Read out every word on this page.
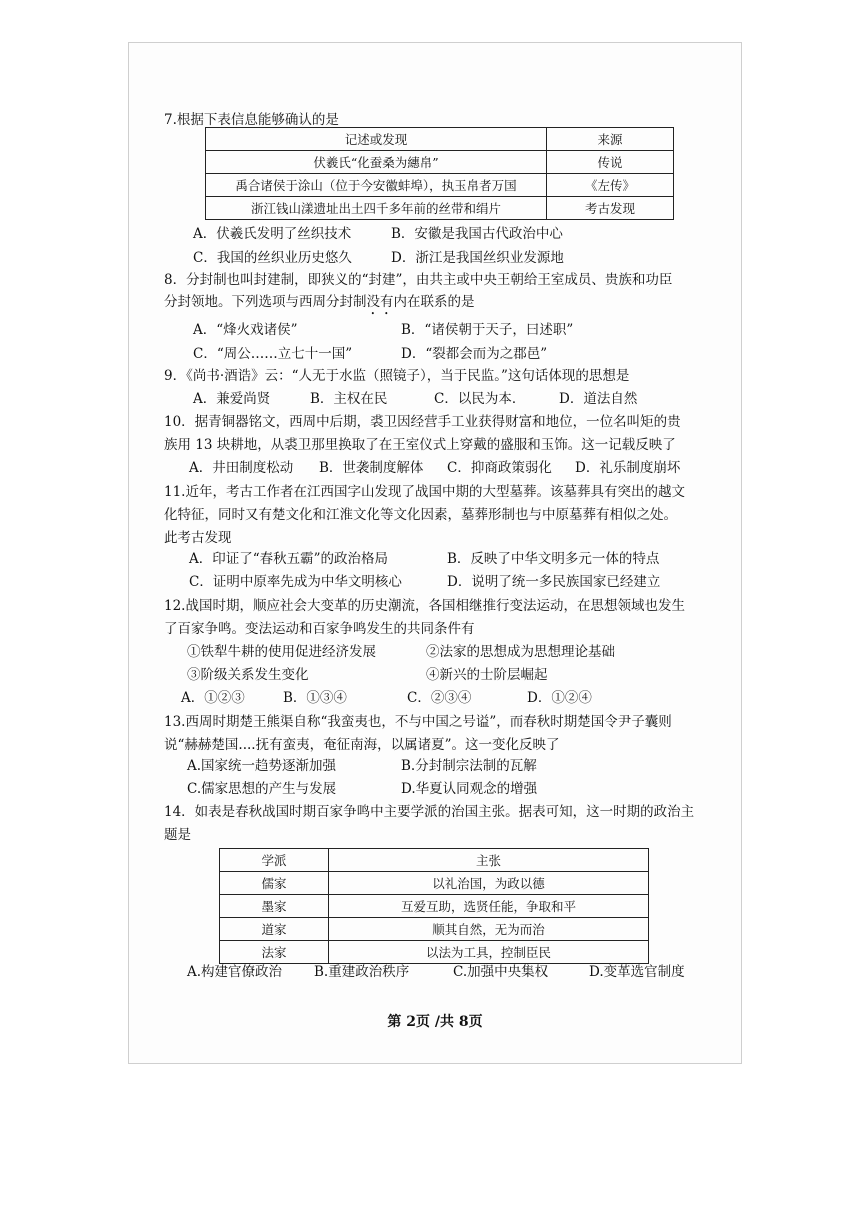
7.根据下表信息能够确认的是
记述或发现	来源
伏羲氏“化蚕桑为繐帛”	传说
禹合诸侯于涂山（位于今安徽蚌埠），执玉帛者万国	《左传》
浙江钱山漾遗址出土四千多年前的丝带和绢片	考古发现
A．伏羲氏发明了丝织技术	B．安徽是我国古代政治中心
C．我国的丝织业历史悠久	D．浙江是我国丝织业发源地
8．分封制也叫封建制，即狭义的“封建”，由共主或中央王朝给王室成员、贵族和功臣
分封领地。下列选项与西周分封制没有内在联系的是
A．“烽火戏诸侯”	B．“诸侯朝于天子，曰述职”
C．“周公……立七十一国”	D．“裂都会而为之郡邑”
9．《尚书·酒诰》云：“人无于水监（照镜子），当于民监。”这句话体现的思想是
A．兼爱尚贤	B．主权在民	C．以民为本． D．道法自然
10．据青铜器铭文，西周中后期，裘卫因经营手工业获得财富和地位，一位名叫矩的贵
族用 13 块耕地，从裘卫那里换取了在王室仪式上穿戴的盛服和玉饰。这一记载反映了
A．井田制度松动 B．世袭制度解体 C．抑商政策弱化 D．礼乐制度崩坏
11.近年，考古工作者在江西国字山发现了战国中期的大型墓葬。该墓葬具有突出的越文
化特征，同时又有楚文化和江淮文化等文化因素，墓葬形制也与中原墓葬有相似之处。
此考古发现
A．印证了“春秋五霸”的政治格局	B．反映了中华文明多元一体的特点
C．证明中原率先成为中华文明核心	D．说明了统一多民族国家已经建立
12.战国时期，顺应社会大变革的历史潮流，各国相继推行变法运动，在思想领域也发生
了百家争鸣。变法运动和百家争鸣发生的共同条件有
①铁犁牛耕的使用促进经济发展	②法家的思想成为思想理论基础
③阶级关系发生变化	④新兴的士阶层崛起
A．①②③	B．①③④	C．②③④	D．①②④
13.西周时期楚王熊渠自称“我蛮夷也，不与中国之号谥”，而春秋时期楚国令尹子囊则
说“赫赫楚国....抚有蛮夷，奄征南海，以属诸夏”。这一变化反映了
A.国家统一趋势逐渐加强	B.分封制宗法制的瓦解
C.儒家思想的产生与发展	D.华夏认同观念的增强
14．如表是春秋战国时期百家争鸣中主要学派的治国主张。据表可知，这一时期的政治主
题是
学派	主张
儒家	以礼治国，为政以德
墨家	互爱互助，选贤任能，争取和平
道家	顺其自然，无为而治
法家	以法为工具，控制臣民
A.构建官僚政治 B.重建政治秩序	C.加强中央集权	D.变革选官制度
第 2页 /共 8页
